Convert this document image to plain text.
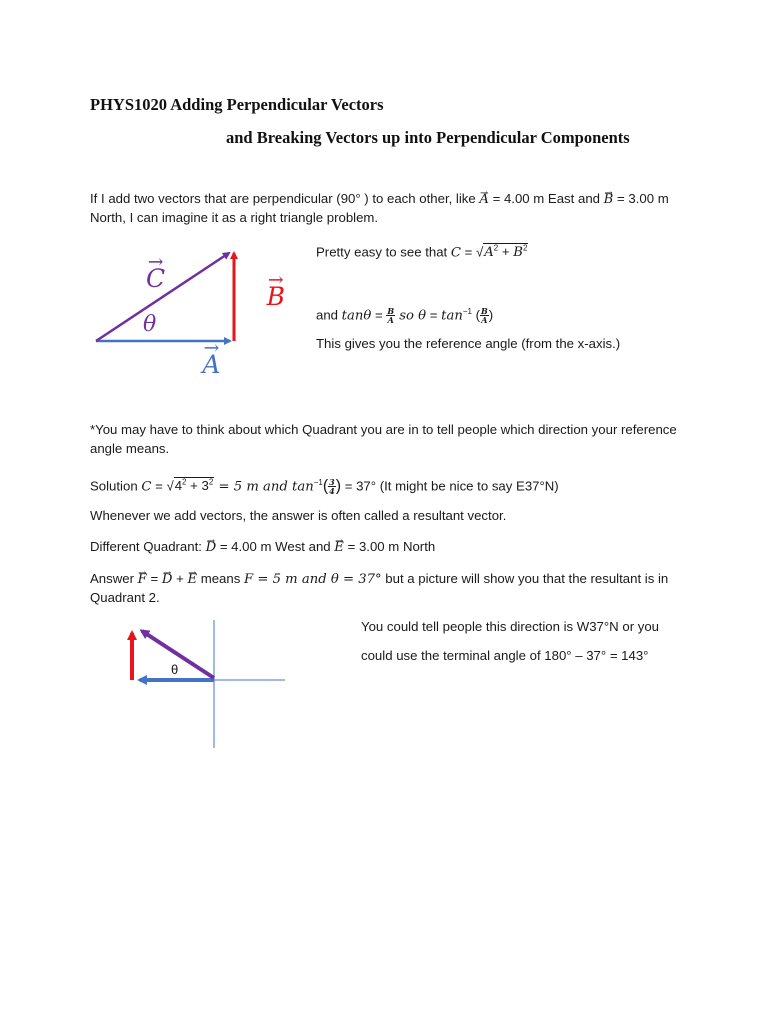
PHYS1020 Adding Perpendicular Vectors
and Breaking Vectors up into Perpendicular Components
If I add two vectors that are perpendicular (90° ) to each other, like → A = 4.00 m East and → B = 3.00 m
North, I can imagine it as a right triangle problem.
→ C → B → A
θ
Pretty easy to see that $C = √A^2 + B^2$
and $\tan\theta = \frac{B}{A}$ so $\theta = \tan^{-1}$ ( $\frac{B}{A}$ )
This gives you the reference angle (from the x-axis.)
*You may have to think about which Quadrant you are in to tell people which direction your reference
angle means.
Solution $C = √4^2 + 3^2 = 5$ m and $\tan^{-1}( \frac{3}{4}$ ) = 37° (It might be nice to say E37°N)
Whenever we add vectors, the answer is often called a resultant vector.
Different Quadrant: → D = 4.00 m West and → E = 3.00 m North
Answer → F = → D + → E means F = 5 m and θ = 37° but a picture will show you that the resultant is in
Quadrant 2.
θ
You could tell people this direction is W37°N or you
could use the terminal angle of 180° – 37° = 143°
